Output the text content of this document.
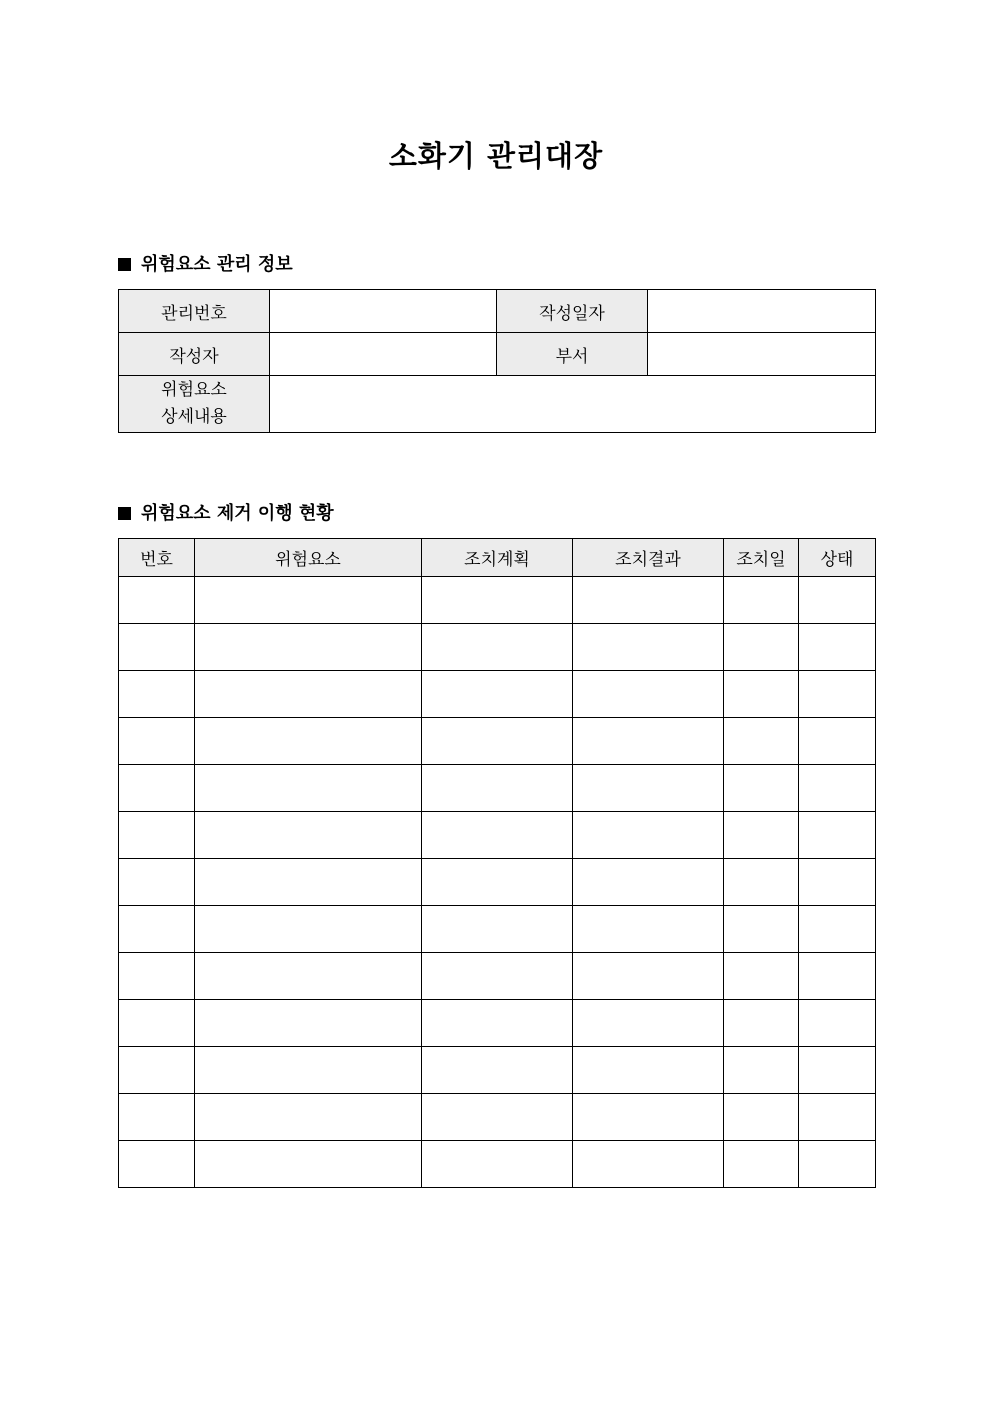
소화기 관리대장
위험요소 관리 정보
관리번호		작성일자	
작성자		부서	
위험요소
상세내용			
위험요소 제거 이행 현황
번호	위험요소	조치계획	조치결과	조치일	상태
